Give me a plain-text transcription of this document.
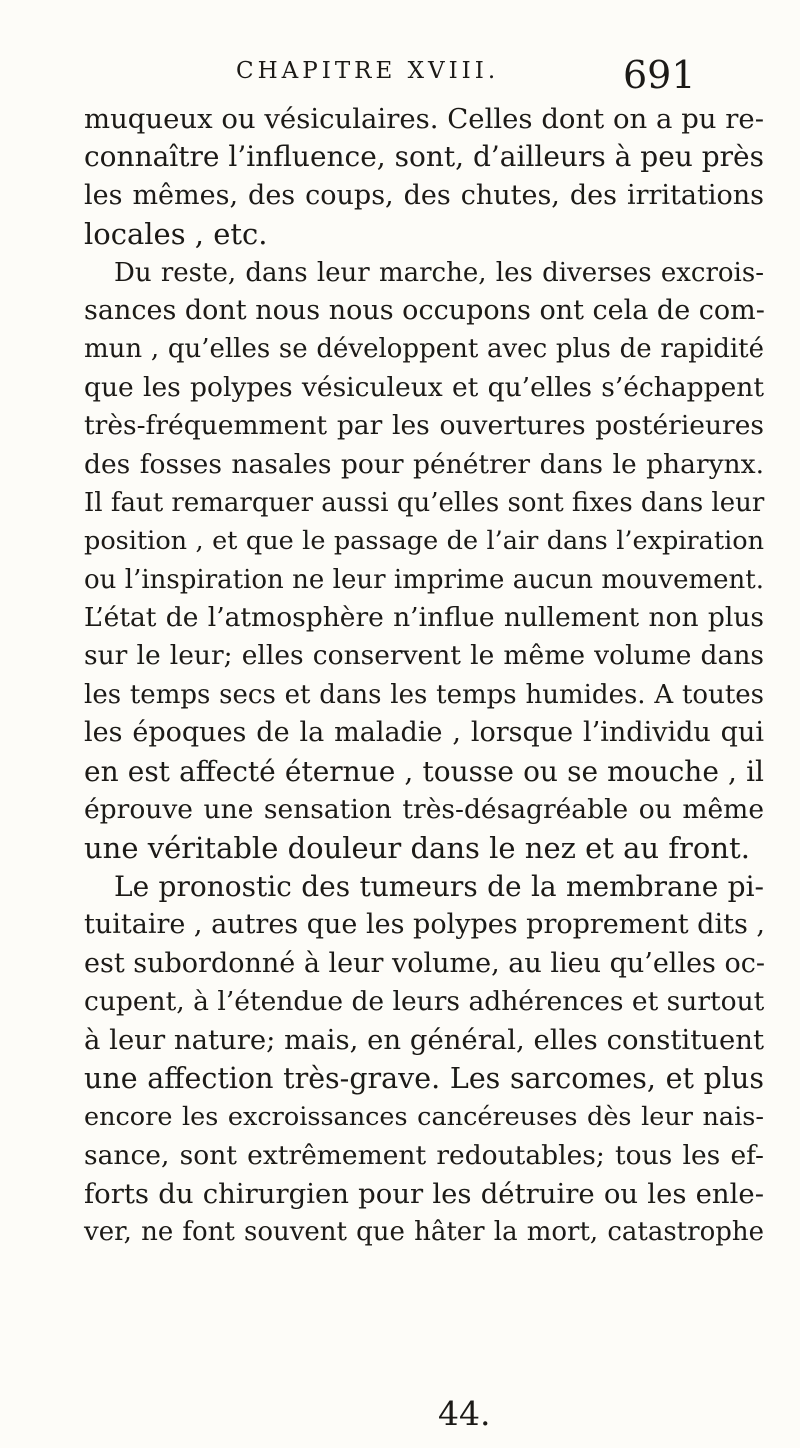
CHAPITRE XVIII.	691
muqueux ou vésiculaires. Celles dont on a pu re-
connaître l’influence, sont, d’ailleurs à peu près
les mêmes, des coups, des chutes, des irritations
locales , etc.
Du reste, dans leur marche, les diverses excrois-
sances dont nous nous occupons ont cela de com-
mun , qu’elles se développent avec plus de rapidité
que les polypes vésiculeux et qu’elles s’échappent
très-fréquemment par les ouvertures postérieures
des fosses nasales pour pénétrer dans le pharynx.
Il faut remarquer aussi qu’elles sont fixes dans leur
position , et que le passage de l’air dans l’expiration
ou l’inspiration ne leur imprime aucun mouvement.
L’état de l’atmosphère n’influe nullement non plus
sur le leur; elles conservent le même volume dans
les temps secs et dans les temps humides. A toutes
les époques de la maladie , lorsque l’individu qui
en est affecté éternue , tousse ou se mouche , il
éprouve une sensation très-désagréable ou même
une véritable douleur dans le nez et au front.
Le pronostic des tumeurs de la membrane pi-
tuitaire , autres que les polypes proprement dits ,
est subordonné à leur volume, au lieu qu’elles oc-
cupent, à l’étendue de leurs adhérences et surtout
à leur nature; mais, en général, elles constituent
une affection très-grave. Les sarcomes, et plus
encore les excroissances cancéreuses dès leur nais-
sance, sont extrêmement redoutables; tous les ef-
forts du chirurgien pour les détruire ou les enle-
ver, ne font souvent que hâter la mort, catastrophe
44.
